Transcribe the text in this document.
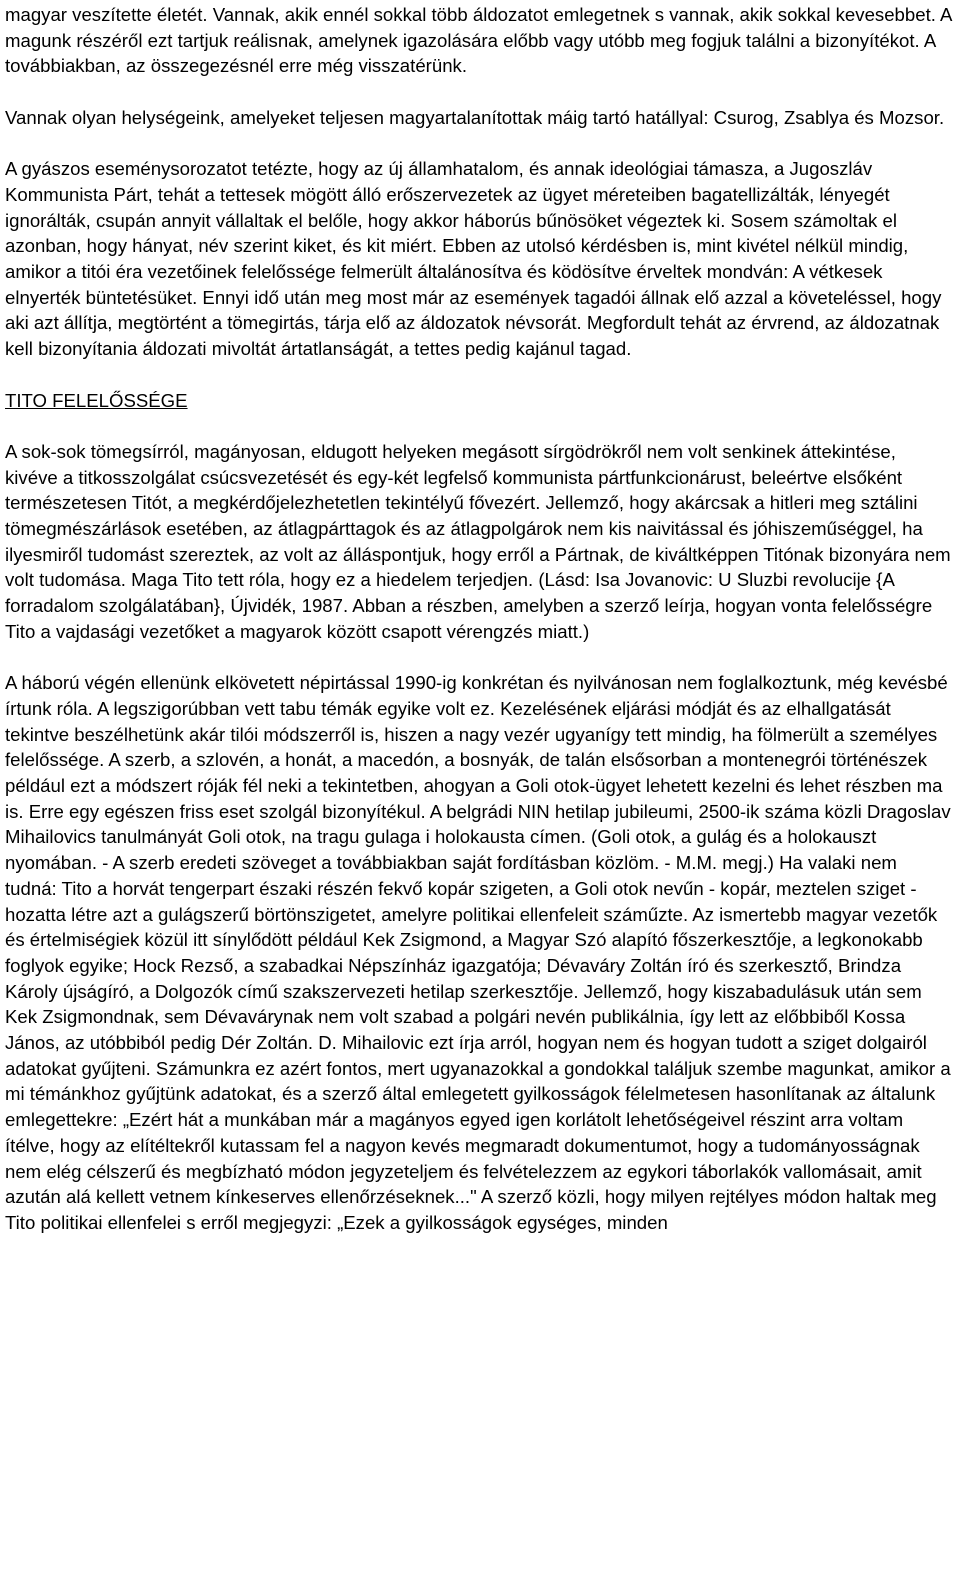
magyar veszítette életét. Vannak, akik ennél sokkal több áldozatot emlegetnek s vannak, akik sokkal kevesebbet. A magunk részéről ezt tartjuk reálisnak, amelynek igazolására előbb vagy utóbb meg fogjuk találni a bizonyítékot. A továbbiakban, az összegezésnél erre még visszatérünk.

Vannak olyan helységeink, amelyeket teljesen magyartalanítottak máig tartó hatállyal: Csurog, Zsablya és Mozsor.

A gyászos eseménysorozatot tetézte, hogy az új államhatalom, és annak ideológiai támasza, a Jugoszláv Kommunista Párt, tehát a tettesek mögött álló erőszervezetek az ügyet méreteiben bagatellizálták, lényegét ignorálták, csupán annyit vállaltak el belőle, hogy akkor háborús bűnösöket végeztek ki. Sosem számoltak el azonban, hogy hányat, név szerint kiket, és kit miért. Ebben az utolsó kérdésben is, mint kivétel nélkül mindig, amikor a titói éra vezetőinek felelőssége felmerült általánosítva és ködösítve érveltek mondván: A vétkesek elnyerték büntetésüket. Ennyi idő után meg most már az események tagadói állnak elő azzal a követeléssel, hogy aki azt állítja, megtörtént a tömegirtás, tárja elő az áldozatok névsorát. Megfordult tehát az érvrend, az áldozatnak kell bizonyítania áldozati mivoltát ártatlanságát, a tettes pedig kajánul tagad.

TITO FELELŐSSÉGE

A sok-sok tömegsírról, magányosan, eldugott helyeken megásott sírgödrökről nem volt senkinek áttekintése, kivéve a titkosszolgálat csúcsvezetését és egy-két legfelső kommunista pártfunkcionárust, beleértve elsőként természetesen Titót, a megkérdőjelezhetetlen tekintélyű fővezért. Jellemző, hogy akárcsak a hitleri meg sztálini tömegmészárlások esetében, az átlagpárttagok és az átlagpolgárok nem kis naivitással és jóhiszeműséggel, ha ilyesmiről tudomást szereztek, az volt az álláspontjuk, hogy erről a Pártnak, de kiváltképpen Titónak bizonyára nem volt tudomása. Maga Tito tett róla, hogy ez a hiedelem terjedjen. (Lásd: Isa Jovanovic: U Sluzbi revolucije {A forradalom szolgálatában}, Újvidék, 1987. Abban a részben, amelyben a szerző leírja, hogyan vonta felelősségre Tito a vajdasági vezetőket a magyarok között csapott vérengzés miatt.)

A háború végén ellenünk elkövetett népirtással 1990-ig konkrétan és nyilvánosan nem foglalkoztunk, még kevésbé írtunk róla. A legszigorúbban vett tabu témák egyike volt ez. Kezelésének eljárási módját és az elhallgatását tekintve beszélhetünk akár tilói módszerről is, hiszen a nagy vezér ugyanígy tett mindig, ha fölmerült a személyes felelőssége. A szerb, a szlovén, a honát, a macedón, a bosnyák, de talán elsősorban a montenegrói történészek például ezt a módszert róják fél neki a tekintetben, ahogyan a Goli otok-ügyet lehetett kezelni és lehet részben ma is. Erre egy egészen friss eset szolgál bizonyítékul. A belgrádi NIN hetilap jubileumi, 2500-ik száma közli Dragoslav Mihailovics tanulmányát Goli otok, na tragu gulaga i holokausta címen. (Goli otok, a gulág és a holokauszt nyomában. - A szerb eredeti szöveget a továbbiakban saját fordításban közlöm. - M.M. megj.) Ha valaki nem tudná: Tito a horvát tengerpart északi részén fekvő kopár szigeten, a Goli otok nevűn - kopár, meztelen sziget - hozatta létre azt a gulágszerű börtönszigetet, amelyre politikai ellenfeleit száműzte. Az ismertebb magyar vezetők és értelmiségiek közül itt sínylődött például Kek Zsigmond, a Magyar Szó alapító főszerkesztője, a legkonokabb foglyok egyike; Hock Rezső, a szabadkai Népszínház igazgatója; Dévaváry Zoltán író és szerkesztő, Brindza Károly újságíró, a Dolgozók című szakszervezeti hetilap szerkesztője. Jellemző, hogy kiszabadulásuk után sem Kek Zsigmondnak, sem Dévavárynak nem volt szabad a polgári nevén publikálnia, így lett az előbbiből Kossa János, az utóbbiból pedig Dér Zoltán. D. Mihailovic ezt írja arról, hogyan nem és hogyan tudott a sziget dolgairól adatokat gyűjteni. Számunkra ez azért fontos, mert ugyanazokkal a gondokkal találjuk szembe magunkat, amikor a mi témánkhoz gyűjtünk adatokat, és a szerző által emlegetett gyilkosságok félelmetesen hasonlítanak az általunk emlegettekre: „Ezért hát a munkában már a magányos egyed igen korlátolt lehetőségeivel részint arra voltam ítélve, hogy az elítéltekről kutassam fel a nagyon kevés megmaradt dokumentumot, hogy a tudományosságnak nem elég célszerű és megbízható módon jegyzeteljem és felvételezzem az egykori táborlakók vallomásait, amit azután alá kellett vetnem kínkeserves ellenőrzéseknek..." A szerző közli, hogy milyen rejtélyes módon haltak meg Tito politikai ellenfelei s erről megjegyzi: „Ezek a gyilkosságok egységes, minden
